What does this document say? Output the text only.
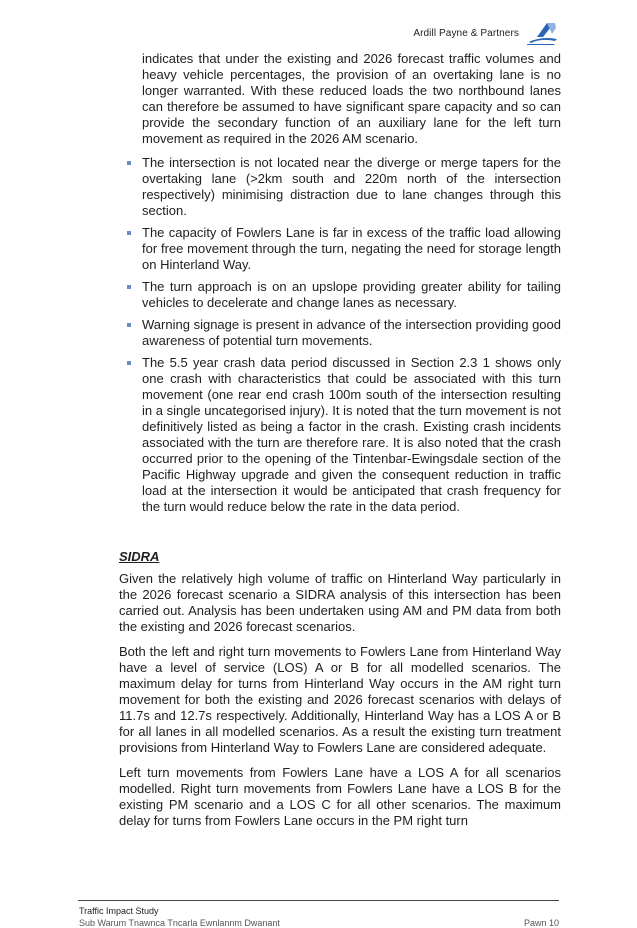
Ardill Payne & Partners
indicates that under the existing and 2026 forecast traffic volumes and heavy vehicle percentages, the provision of an overtaking lane is no longer warranted. With these reduced loads the two northbound lanes can therefore be assumed to have significant spare capacity and so can provide the secondary function of an auxiliary lane for the left turn movement as required in the 2026 AM scenario.
The intersection is not located near the diverge or merge tapers for the overtaking lane (>2km south and 220m north of the intersection respectively) minimising distraction due to lane changes through this section.
The capacity of Fowlers Lane is far in excess of the traffic load allowing for free movement through the turn, negating the need for storage length on Hinterland Way.
The turn approach is on an upslope providing greater ability for tailing vehicles to decelerate and change lanes as necessary.
Warning signage is present in advance of the intersection providing good awareness of potential turn movements.
The 5.5 year crash data period discussed in Section 2.3 1 shows only one crash with characteristics that could be associated with this turn movement (one rear end crash 100m south of the intersection resulting in a single uncategorised injury). It is noted that the turn movement is not definitively listed as being a factor in the crash. Existing crash incidents associated with the turn are therefore rare. It is also noted that the crash occurred prior to the opening of the Tintenbar-Ewingsdale section of the Pacific Highway upgrade and given the consequent reduction in traffic load at the intersection it would be anticipated that crash frequency for the turn would reduce below the rate in the data period.
SIDRA

Given the relatively high volume of traffic on Hinterland Way particularly in the 2026 forecast scenario a SIDRA analysis of this intersection has been carried out. Analysis has been undertaken using AM and PM data from both the existing and 2026 forecast scenarios.

Both the left and right turn movements to Fowlers Lane from Hinterland Way have a level of service (LOS) A or B for all modelled scenarios. The maximum delay for turns from Hinterland Way occurs in the AM right turn movement for both the existing and 2026 forecast scenarios with delays of 11.7s and 12.7s respectively. Additionally, Hinterland Way has a LOS A or B for all lanes in all modelled scenarios. As a result the existing turn treatment provisions from Hinterland Way to Fowlers Lane are considered adequate.

Left turn movements from Fowlers Lane have a LOS A for all scenarios modelled. Right turn movements from Fowlers Lane have a LOS B for the existing PM scenario and a LOS C for all other scenarios. The maximum delay for turns from Fowlers Lane occurs in the PM right turn

Traffic Impact Study
Sub Warum Tnawnca Tncarla Ewnlannm Dwanant	Pawn 10
